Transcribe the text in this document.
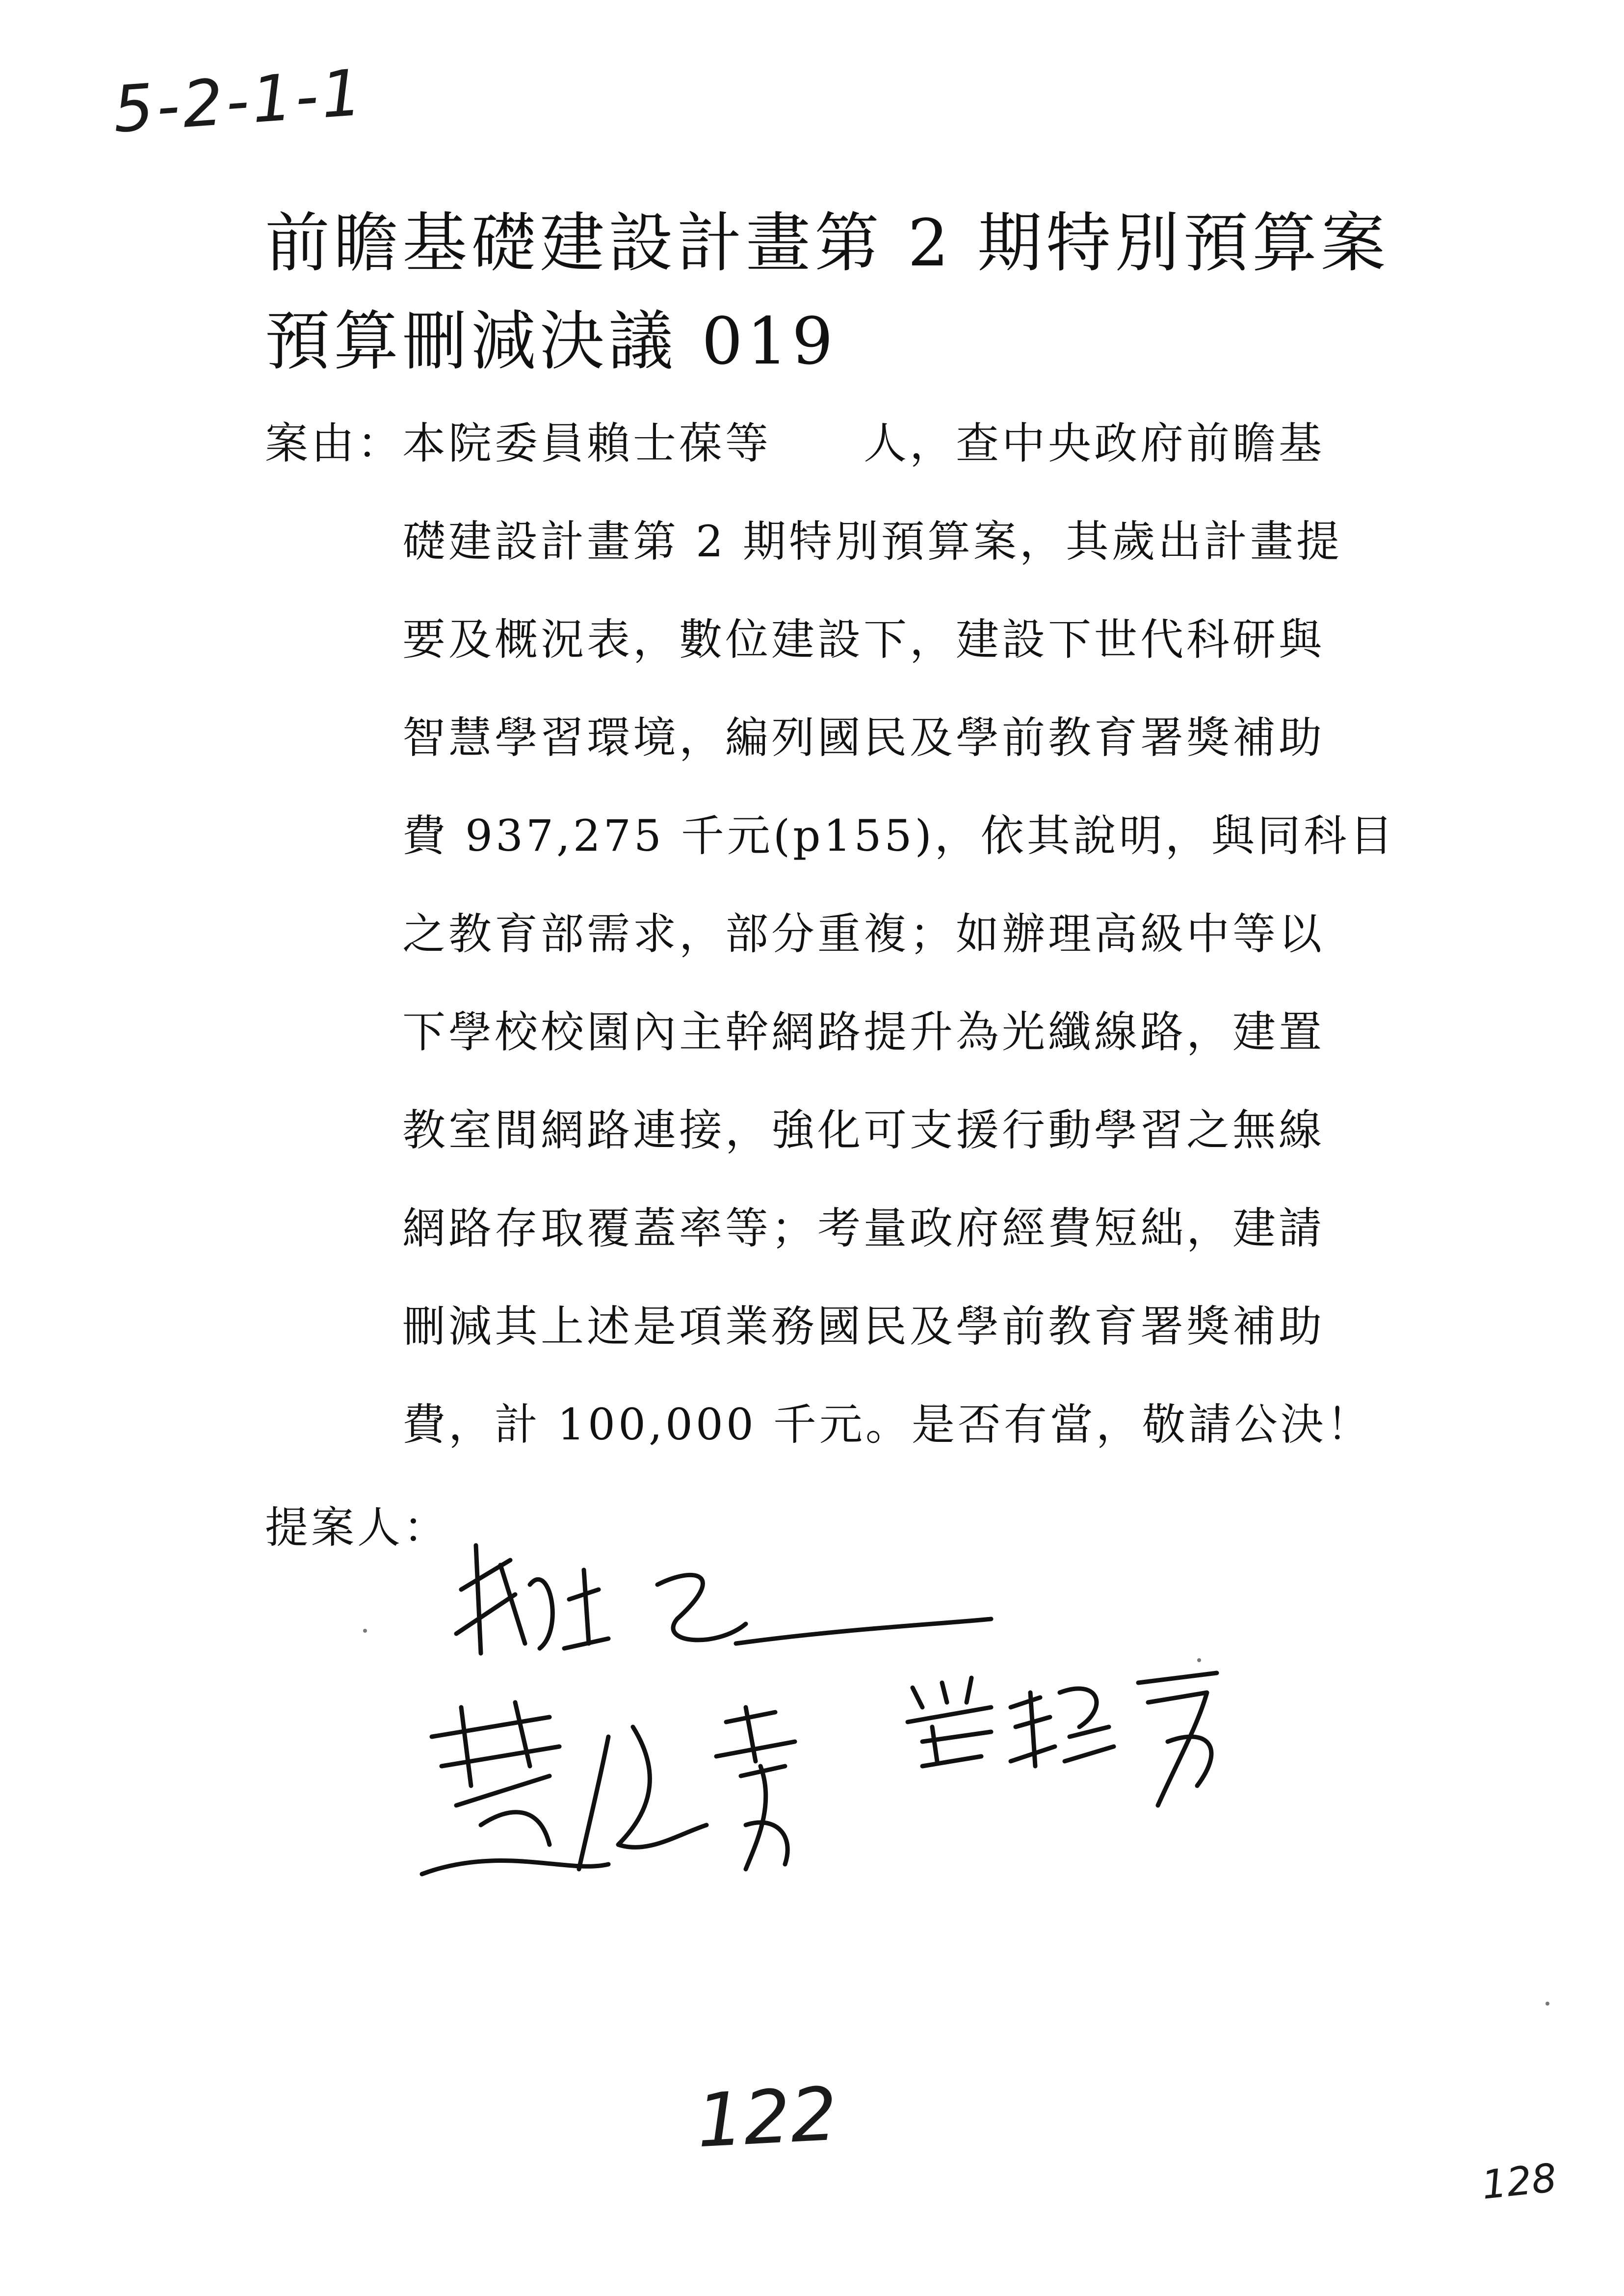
5-2-1-1
前瞻基礎建設計畫第 2 期特別預算案
預算刪減決議 019
案由：
本院委員賴士葆等　　人，查中央政府前瞻基
礎建設計畫第 2 期特別預算案，其歲出計畫提
要及概況表，數位建設下，建設下世代科研與
智慧學習環境，編列國民及學前教育署獎補助
費 937,275 千元(p155)，依其說明，與同科目
之教育部需求，部分重複；如辦理高級中等以
下學校校園內主幹網路提升為光纖線路，建置
教室間網路連接，強化可支援行動學習之無線
網路存取覆蓋率等；考量政府經費短絀，建請
刪減其上述是項業務國民及學前教育署獎補助
費，計 100,000 千元。是否有當，敬請公決！
提案人：
122
128
